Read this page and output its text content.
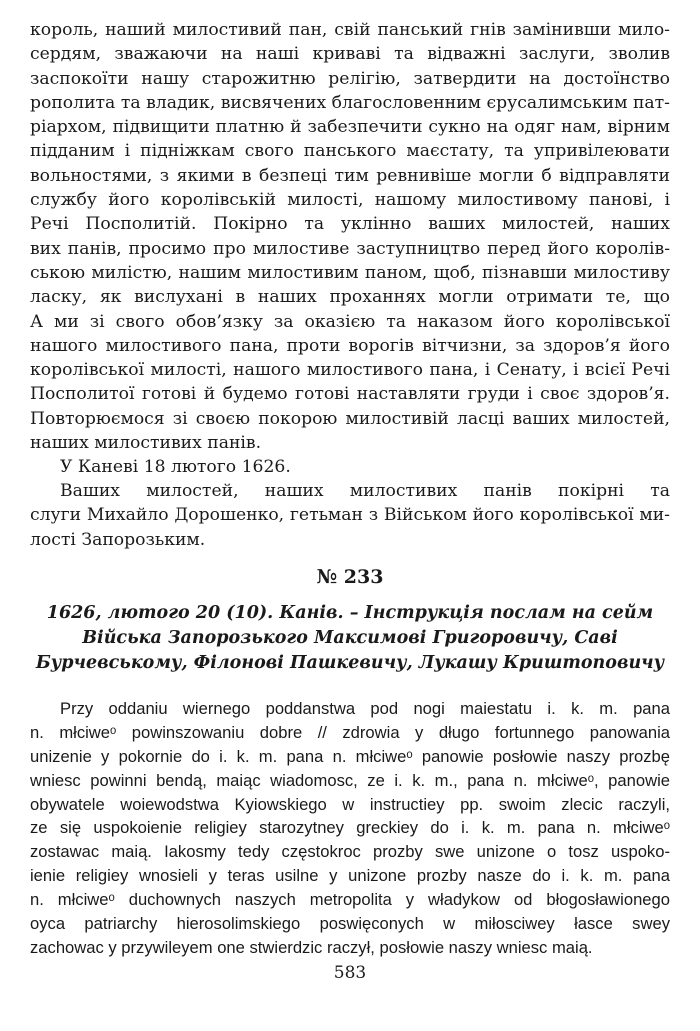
король, наший милостивий пан, свій панський гнів замінивши мило-
сердям, зважаючи на наші криваві та відважні заслуги, зволив
заспокоїти нашу старожитню релігію, затвердити на достоїнство
рополита та владик, висвячених благословенним єрусалимським пат-
ріархом, підвищити платню й забезпечити сукно на одяг нам, вірним
підданим і підніжкам свого панського маєстату, та упривілеювати
вольностями, з якими в безпеці тим ревнивіше могли б відправляти
службу його королівській милості, нашому милостивому панові, і
Речі Посполитій. Покірно та уклінно ваших милостей, наших
вих панів, просимо про милостиве заступництво перед його королів-
ською милістю, нашим милостивим паном, щоб, пізнавши милостиву
ласку, як вислухані в наших проханнях могли отримати те, що
А ми зі свого обов’язку за оказією та наказом його королівської
нашого милостивого пана, проти ворогів вітчизни, за здоров’я його
королівської милості, нашого милостивого пана, і Сенату, і всієї Речі
Посполитої готові й будемо готові наставляти груди і своє здоров’я.
Повторюємося зі своєю покорою милостивій ласці ваших милостей,
наших милостивих панів.
У Каневі 18 лютого 1626.
Ваших милостей, наших милостивих панів покірні та
слуги Михайло Дорошенко, гетьман з Військом його королівської ми-
лості Запорозьким.
№ 233
1626, лютого 20 (10). Канів. – Інструкція послам на сейм
Війська Запорозького Максимові Григоровичу, Саві
Бурчевському, Філонові Пашкевичу, Лукашу Криштоповичу
Przy oddaniu wiernego poddanstwa pod nogi maiestatu i. k. m. pana
n. młciweᵒ powinszowaniu dobre // zdrowia y długo fortunnego panowania
unizenie y pokornie do i. k. m. pana n. młciweᵒ panowie posłowie naszy prozbę
wniesc powinni bendą, maiąc wiadomosc, ze i. k. m., pana n. młciweᵒ, panowie
obywatele woiewodstwa Kyiowskiego w instructiey pp. swoim zlecic raczyli,
ze się uspokoienie religiey starozytney greckiey do i. k. m. pana n. młciweᵒ
zostawac maią. Iakosmy tedy częstokroc prozby swe unizone o tosz uspoko-
ienie religiey wnosieli y teras usilne y unizone prozby nasze do i. k. m. pana
n. młciweᵒ duchownych naszych metropolita y władykow od błogosławionego
oyca patriarchy hierosolimskiego poswięconych w miłosciwey łasce swey
zachowac y przywileyem one stwierdzic raczył, posłowie naszy wniesc maią.
583
